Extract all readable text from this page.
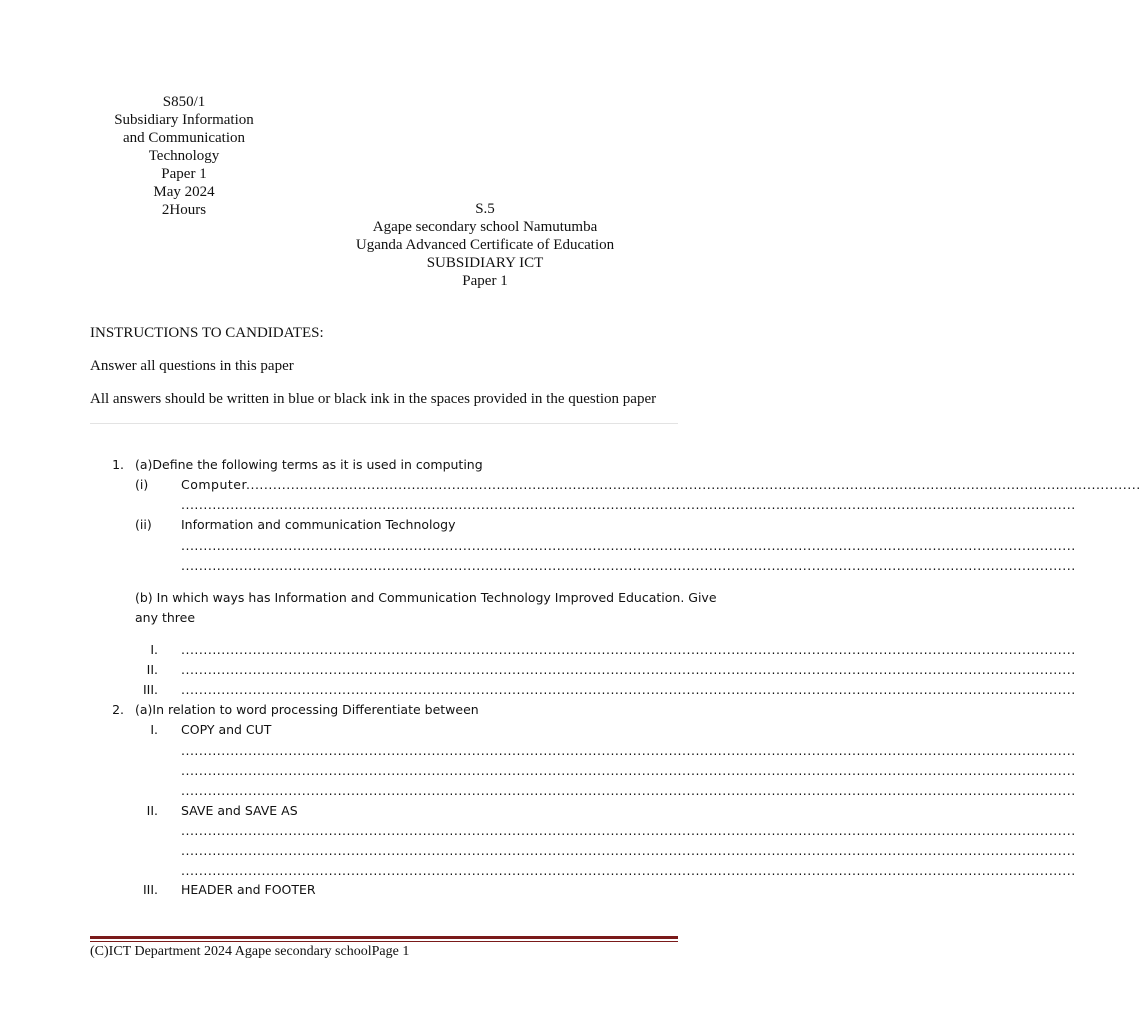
S850/1
Subsidiary Information
and Communication
Technology
Paper 1
May 2024
2Hours	S.5
Agape secondary school Namutumba
Uganda Advanced Certificate of Education
SUBSIDIARY ICT
Paper 1
INSTRUCTIONS TO CANDIDATES:
Answer all questions in this paper
All answers should be written in blue or black ink in the spaces provided in the question paper
1. (a)Define the following terms as it is used in computing
(i)	Computer........................................................................................................................................................................................................
........................................................................................................................................................................................................
(ii) Information and communication Technology
........................................................................................................................................................................................................
........................................................................................................................................................................................................
(b) In which ways has Information and Communication Technology Improved Education. Give
any three
I. ........................................................................................................................................................................................................
II. ........................................................................................................................................................................................................
III. ........................................................................................................................................................................................................
2. (a)In relation to word processing Differentiate between
I. COPY and CUT
........................................................................................................................................................................................................
........................................................................................................................................................................................................
........................................................................................................................................................................................................
II. SAVE and SAVE AS
........................................................................................................................................................................................................
........................................................................................................................................................................................................
........................................................................................................................................................................................................
III. HEADER and FOOTER
(C)ICT Department 2024 Agape secondary schoolPage 1
